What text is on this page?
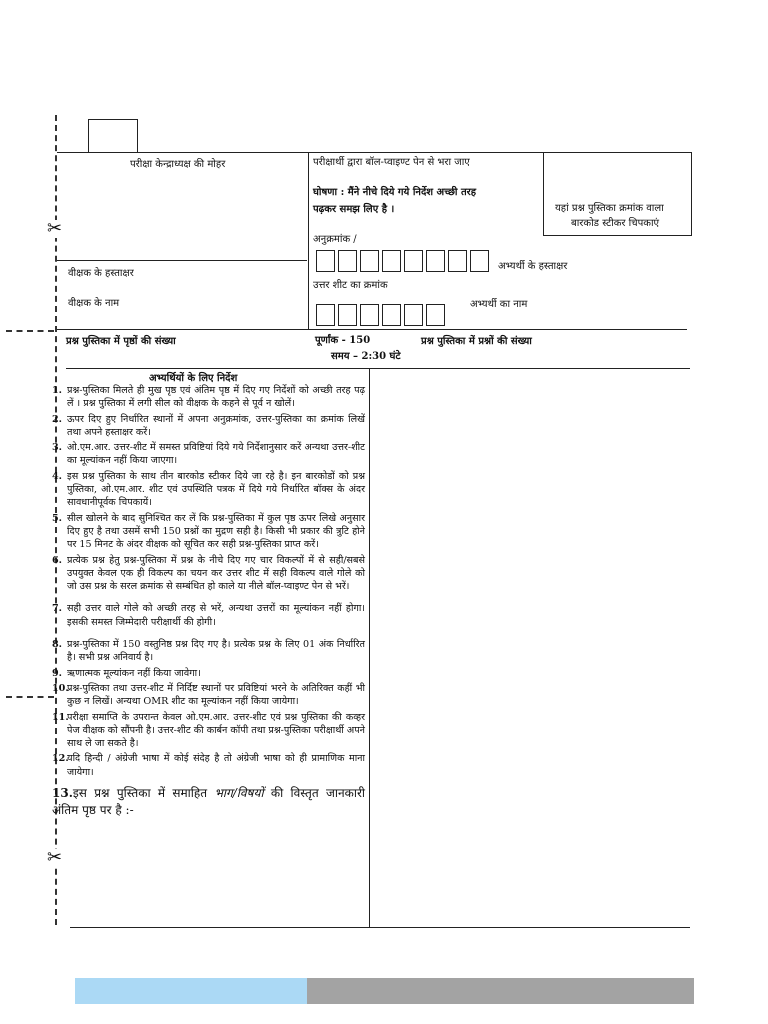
✂
✂
परीक्षा केन्द्राध्यक्ष की मोहर	परीक्षार्थी द्वारा बॉल-प्वाइण्ट पेन से भरा जाए
घोषणा : मैंने नीचे दिये गये निर्देश अच्छी तरह
पढ़कर समझ लिए है ।	यहां प्रश्न पुस्तिका क्रमांक वाला
बारकोड स्टीकर चिपकाएं
अनुक्रमांक /
अभ्यर्थी के हस्ताक्षर
उत्तर शीट का क्रमांक
अभ्यर्थी का नाम
वीक्षक के हस्ताक्षर
वीक्षक के नाम
प्रश्न पुस्तिका में पृष्ठों की संख्या	पूर्णांक - 150
समय – 2:30 घंटे
प्रश्न पुस्तिका में प्रश्नों की संख्या
अभ्यर्थियों के लिए निर्देश
1. प्रश्न-पुस्तिका मिलते ही मुख पृष्ठ एवं अंतिम पृष्ठ में दिए गए निर्देशों को अच्छी तरह पढ़ लें । प्रश्न पुस्तिका में लगी सील को वीक्षक के कहने से पूर्व न खोलें।
2. ऊपर दिए हुए निर्धारित स्थानों में अपना अनुक्रमांक, उत्तर-पुस्तिका का क्रमांक लिखें तथा अपने हस्ताक्षर करें।
3. ओ.एम.आर. उत्तर-शीट में समस्त प्रविष्टियां दिये गये निर्देशानुसार करें अन्यथा उत्तर-शीट का मूल्यांकन नहीं किया जाएगा।
4. इस प्रश्न पुस्तिका के साथ तीन बारकोड स्टीकर दिये जा रहे है। इन बारकोडों को प्रश्न पुस्तिका, ओ.एम.आर. शीट एवं उपस्थिति पत्रक में दिये गये निर्धारित बॉक्स के अंदर सावधानीपूर्वक चिपकायें।
5. सील खोलने के बाद सुनिश्चित कर लें कि प्रश्न-पुस्तिका में कुल पृष्ठ ऊपर लिखे अनुसार दिए हुए है तथा उसमें सभी 150 प्रश्नों का मुद्रण सही है। किसी भी प्रकार की त्रुटि होने पर 15 मिनट के अंदर वीक्षक को सूचित कर सही प्रश्न-पुस्तिका प्राप्त करें।
6. प्रत्येक प्रश्न हेतु प्रश्न-पुस्तिका में प्रश्न के नीचे दिए गए चार विकल्पों में से सही/सबसे उपयुक्त केवल एक ही विकल्प का चयन कर उत्तर शीट में सही विकल्प वाले गोले को जो उस प्रश्न के सरल क्रमांक से सम्बंधित हो काले या नीले बॉल-प्वाइण्ट पेन से भरें।
7. सही उत्तर वाले गोले को अच्छी तरह से भरें, अन्यथा उत्तरों का मूल्यांकन नहीं होगा। इसकी समस्त जिम्मेदारी परीक्षार्थी की होगी।
8. प्रश्न-पुस्तिका में 150 वस्तुनिष्ठ प्रश्न दिए गए है। प्रत्येक प्रश्न के लिए 01 अंक निर्धारित है। सभी प्रश्न अनिवार्य है।
9. ऋणात्मक मूल्यांकन नहीं किया जावेगा।
10.
प्रश्न-पुस्तिका तथा उत्तर-शीट में निर्दिष्ट स्थानों पर प्रविष्टियां भरने के अतिरिक्त कहीं भी कुछ न लिखें। अन्यथा OMR शीट का मूल्यांकन नहीं किया जायेगा।
11.
परीक्षा समाप्ति के उपरान्त केवल ओ.एम.आर. उत्तर-शीट एवं प्रश्न पुस्तिका की कव्हर पेज वीक्षक को सौंपनी है। उत्तर-शीट की कार्बन कॉपी तथा प्रश्न-पुस्तिका परीक्षार्थी अपने साथ ले जा सकते है।
12.
यदि हिन्दी / अंग्रेजी भाषा में कोई संदेह है तो अंग्रेजी भाषा को ही प्रामाणिक माना जायेगा।
13.इस प्रश्न पुस्तिका में समाहित भाग/विषयों की विस्तृत जानकारी अंतिम पृष्ठ पर है :-
